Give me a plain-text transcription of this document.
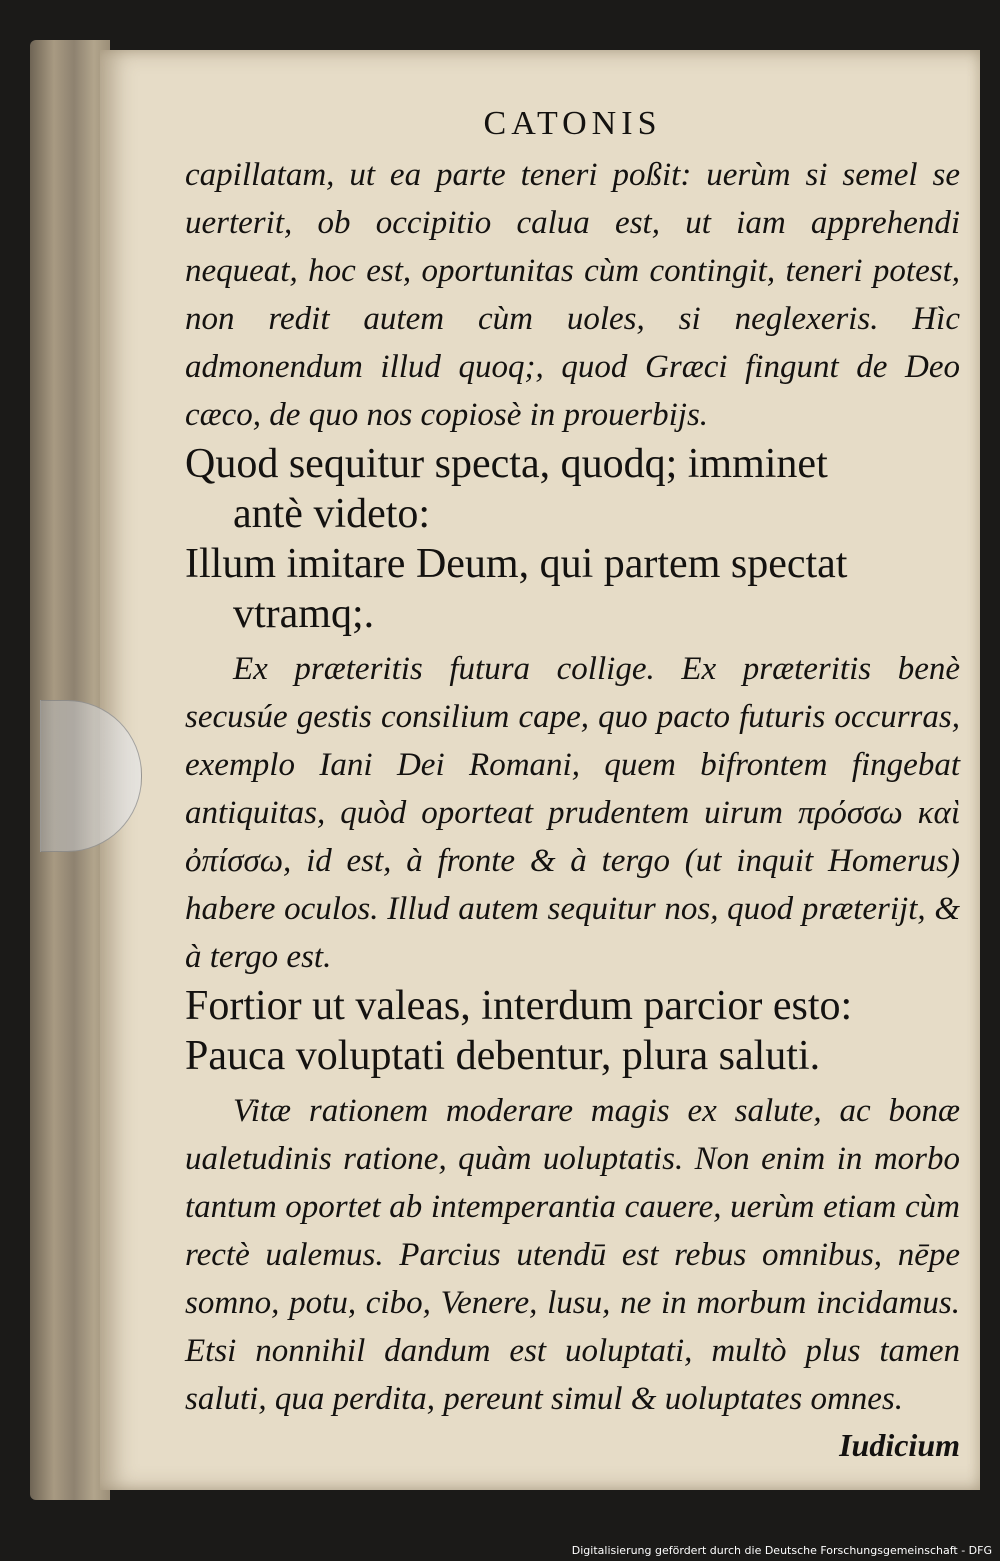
CATONIS

capillatam, ut ea parte teneri poßit: uerùm si semel se uerterit, ob occipitio calua est, ut iam apprehendi nequeat, hoc est, oportunitas cùm contingit, teneri potest, non redit autem cùm uoles, si neglexeris. Hìc admonendum illud quoq;, quod Græci fingunt de Deo cæco, de quo nos copiosè in prouerbijs.

Quod sequitur specta, quodq; imminet
antè videto:
Illum imitare Deum, qui partem spectat
vtramq;.

Ex præteritis futura collige. Ex præteritis benè secusúe gestis consilium cape, quo pacto futuris occurras, exemplo Iani Dei Romani, quem bifrontem fingebat antiquitas, quòd oporteat prudentem uirum πρόσσω καὶ ὀπίσσω, id est, à fronte & à tergo (ut inquit Homerus) habere oculos. Illud autem sequitur nos, quod præterijt, & à tergo est.

Fortior ut valeas, interdum parcior esto:
Pauca voluptati debentur, plura saluti.

Vitæ rationem moderare magis ex salute, ac bonæ ualetudinis ratione, quàm uoluptatis. Non enim in morbo tantum oportet ab intemperantia cauere, uerùm etiam cùm rectè ualemus. Parcius utendū est rebus omnibus, nēpe somno, potu, cibo, Venere, lusu, ne in morbum incidamus. Etsi nonnihil dandum est uoluptati, multò plus tamen saluti, qua perdita, pereunt simul & uoluptates omnes.

Iudicium
Digitalisierung gefördert durch die Deutsche Forschungsgemeinschaft - DFG
